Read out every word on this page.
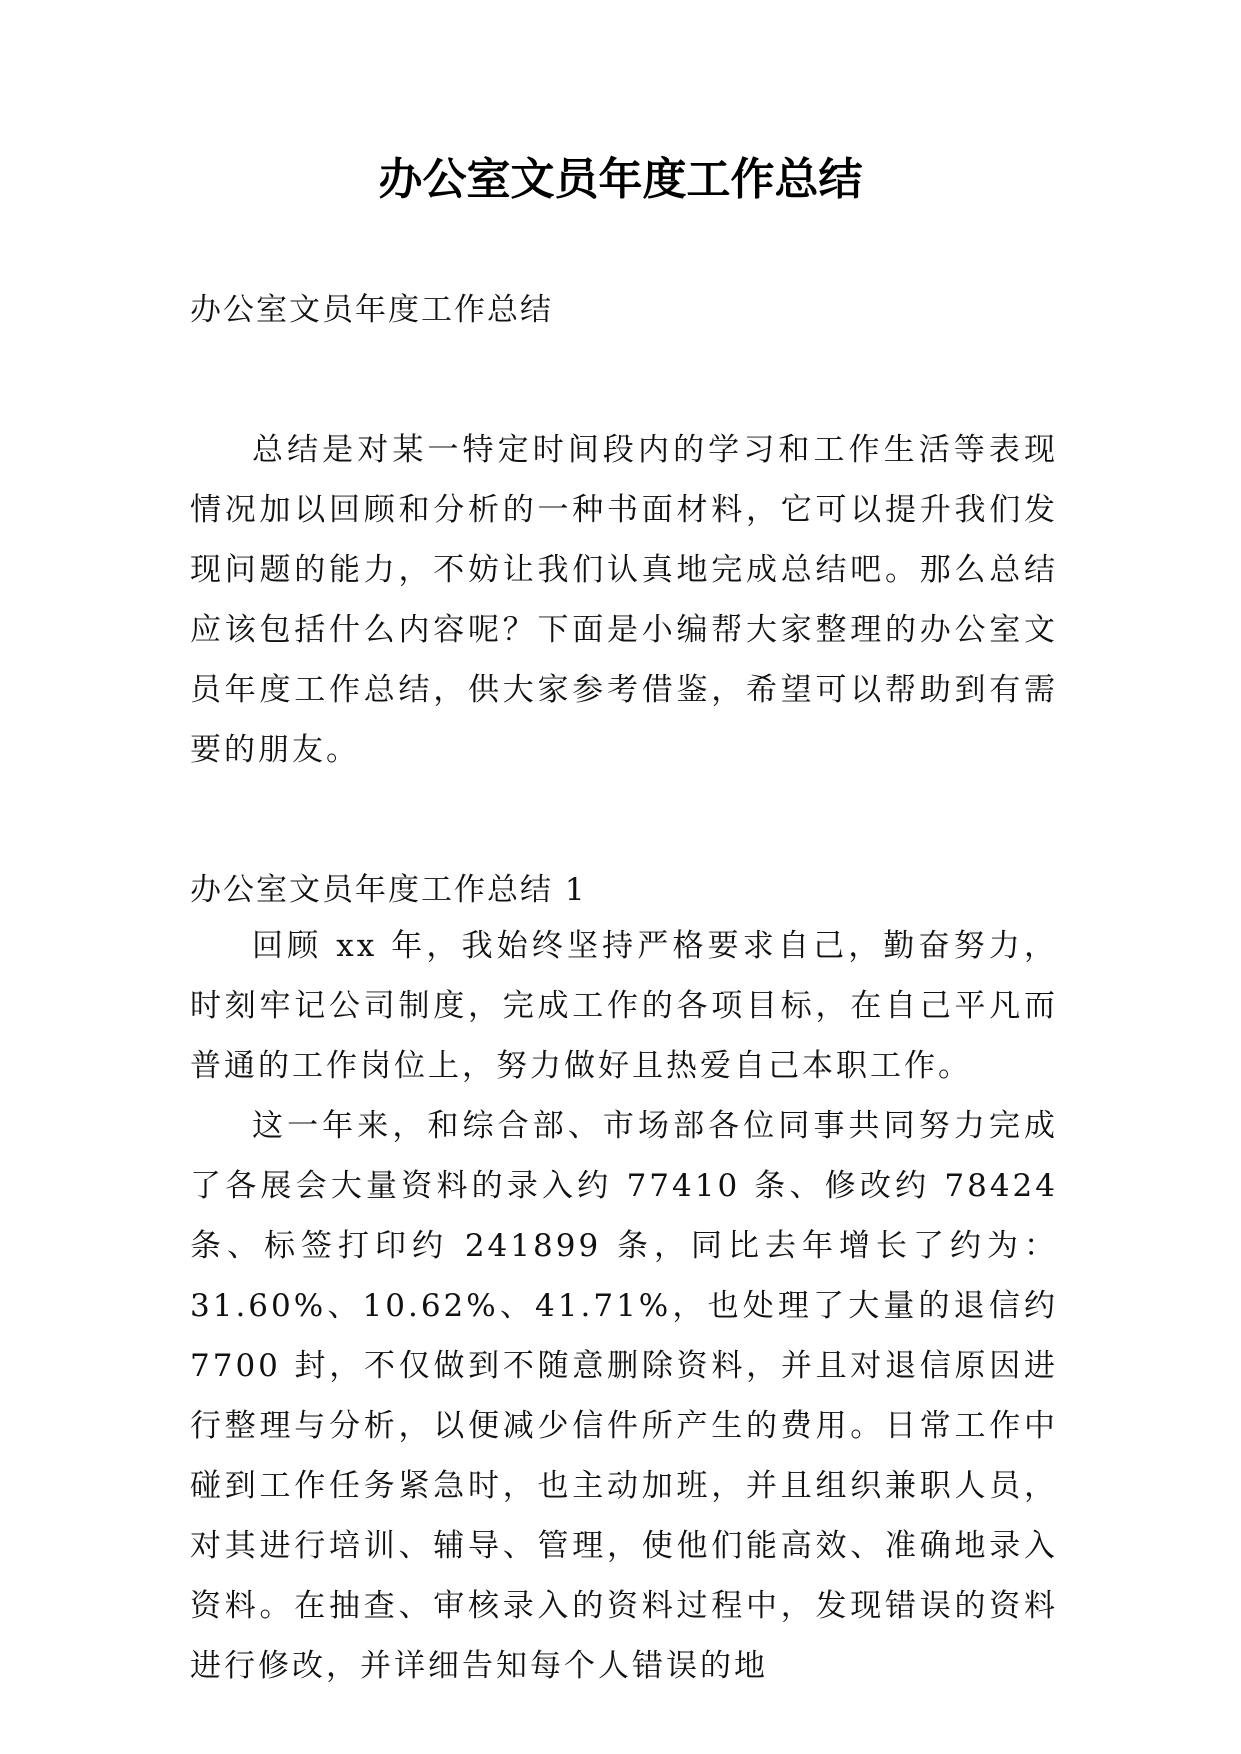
办公室文员年度工作总结

办公室文员年度工作总结

总结是对某一特定时间段内的学习和工作生活等表现情况加以回顾和分析的一种书面材料，它可以提升我们发现问题的能力，不妨让我们认真地完成总结吧。那么总结应该包括什么内容呢？下面是小编帮大家整理的办公室文员年度工作总结，供大家参考借鉴，希望可以帮助到有需要的朋友。

办公室文员年度工作总结 1

回顾 xx 年，我始终坚持严格要求自己，勤奋努力，时刻牢记公司制度，完成工作的各项目标，在自己平凡而普通的工作岗位上，努力做好且热爱自己本职工作。

这一年来，和综合部、市场部各位同事共同努力完成了各展会大量资料的录入约 77410 条、修改约 78424 条、标签打印约 241899 条，同比去年增长了约为：31.60%、10.62%、41.71%，也处理了大量的退信约 7700 封，不仅做到不随意删除资料，并且对退信原因进行整理与分析，以便减少信件所产生的费用。日常工作中碰到工作任务紧急时，也主动加班，并且组织兼职人员，对其进行培训、辅导、管理，使他们能高效、准确地录入资料。在抽查、审核录入的资料过程中，发现错误的资料进行修改，并详细告知每个人错误的地
